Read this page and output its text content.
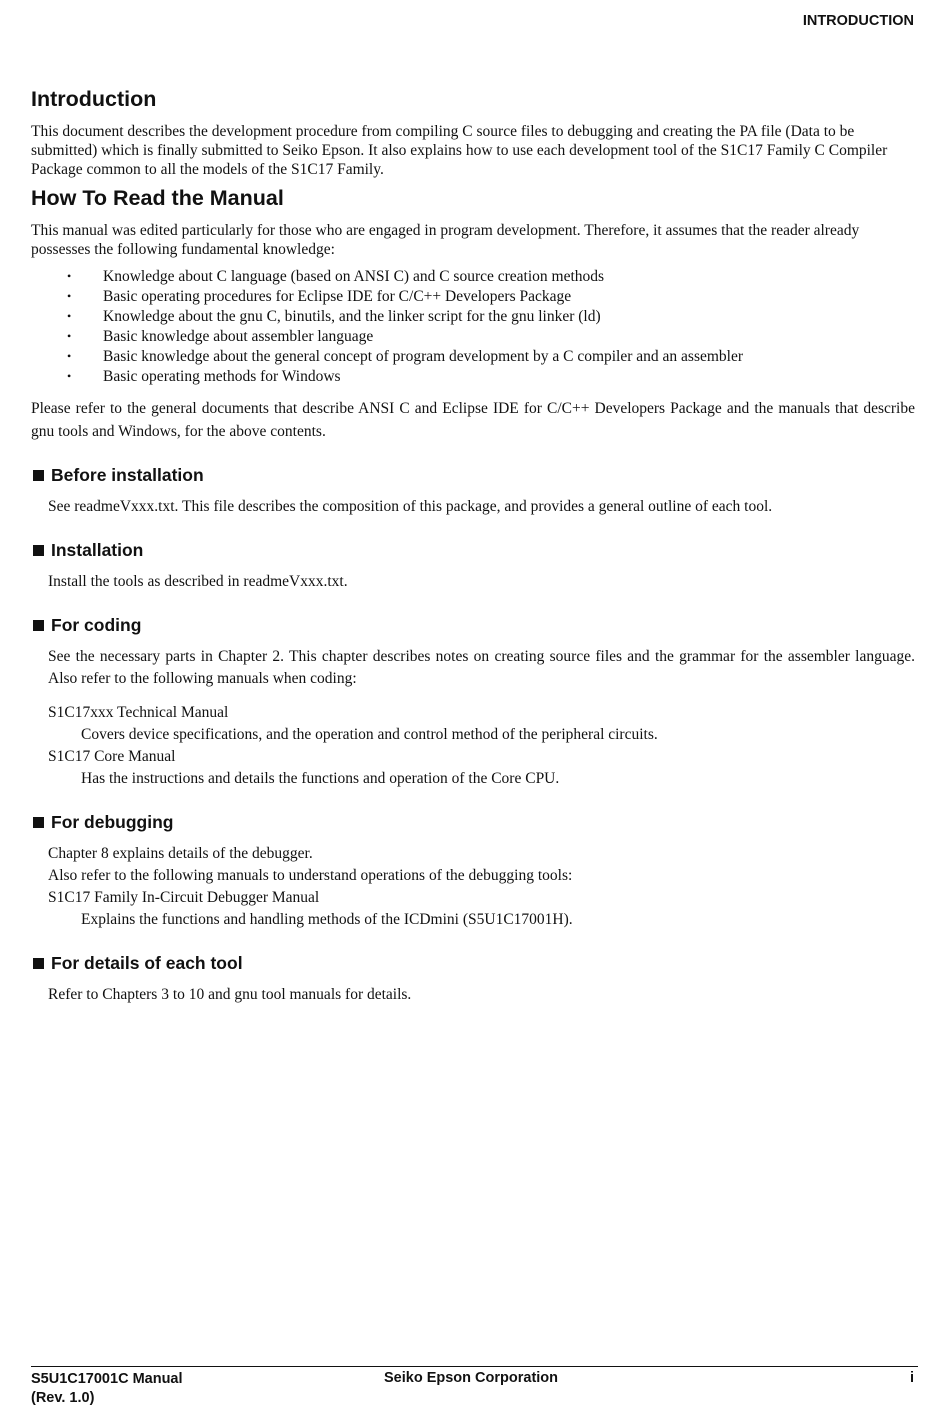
INTRODUCTION
Introduction

This document describes the development procedure from compiling C source files to debugging and creating the PA file (Data to be submitted) which is finally submitted to Seiko Epson. It also explains how to use each development tool of the S1C17 Family C Compiler Package common to all the models of the S1C17 Family.

How To Read the Manual

This manual was edited particularly for those who are engaged in program development. Therefore, it assumes that the reader already possesses the following fundamental knowledge:

• Knowledge about C language (based on ANSI C) and C source creation methods
• Basic operating procedures for Eclipse IDE for C/C++ Developers Package
• Knowledge about the gnu C, binutils, and the linker script for the gnu linker (ld)
• Basic knowledge about assembler language
• Basic knowledge about the general concept of program development by a C compiler and an assembler
• Basic operating methods for Windows

Please refer to the general documents that describe ANSI C and Eclipse IDE for C/C++ Developers Package and the manuals that describe gnu tools and Windows, for the above contents.

Before installation

See readmeVxxx.txt. This file describes the composition of this package, and provides a general outline of each tool.

Installation

Install the tools as described in readmeVxxx.txt.

For coding

See the necessary parts in Chapter 2. This chapter describes notes on creating source files and the grammar for the assembler language. Also refer to the following manuals when coding:

S1C17xxx Technical Manual
Covers device specifications, and the operation and control method of the peripheral circuits.
S1C17 Core Manual
Has the instructions and details the functions and operation of the Core CPU.
For debugging
Chapter 8 explains details of the debugger.
Also refer to the following manuals to understand operations of the debugging tools:
S1C17 Family In-Circuit Debugger Manual
Explains the functions and handling methods of the ICDmini (S5U1C17001H).
For details of each tool

Refer to Chapters 3 to 10 and gnu tool manuals for details.

S5U1C17001C Manual
(Rev. 1.0)
Seiko Epson Corporation	i
